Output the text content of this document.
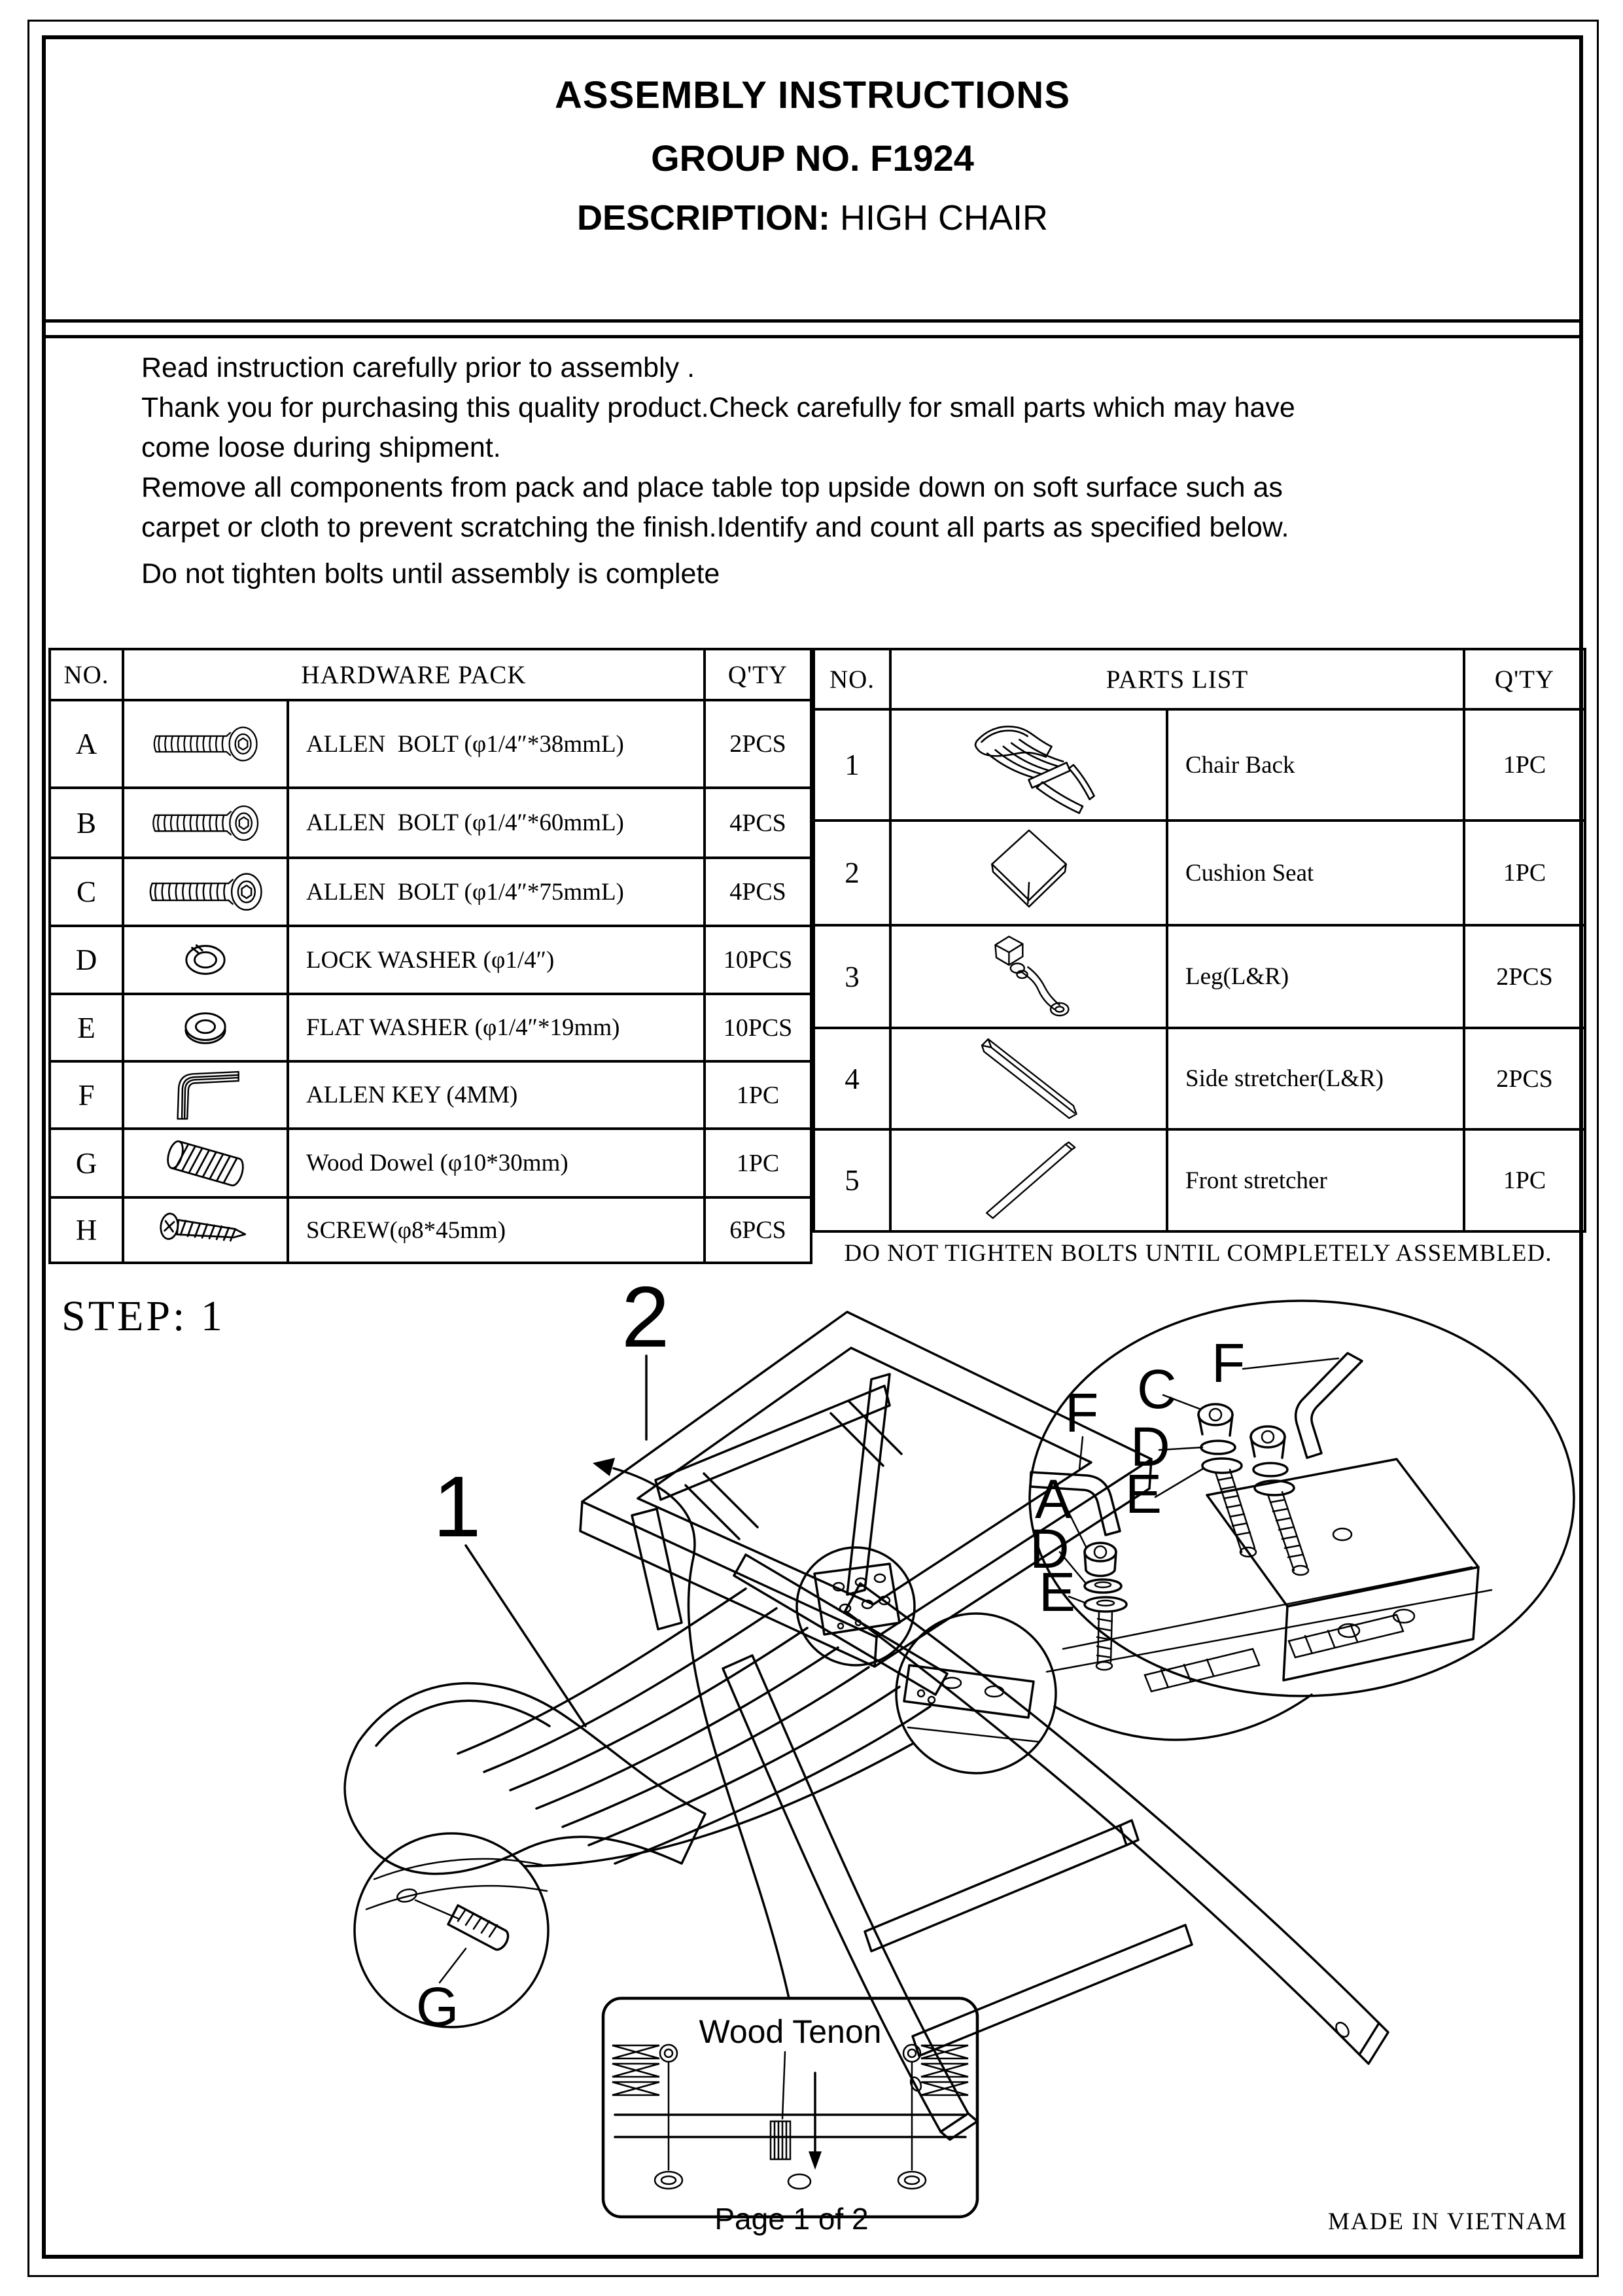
ASSEMBLY INSTRUCTIONS
GROUP NO. F1924
DESCRIPTION: HIGH CHAIR
Read instruction carefully prior to assembly .
Thank you for purchasing this quality product.Check carefully for small parts which may have
come loose during shipment.
Remove all components from pack and place table top upside down on soft surface such as
carpet or cloth to prevent scratching the finish.Identify and count all parts as specified below.
Do not tighten bolts until assembly is complete
NO.	HARDWARE PACK		Q'TY
A		ALLEN  BOLT (φ1/4″*38mmL)	2PCS
B		ALLEN  BOLT (φ1/4″*60mmL)	4PCS
C		ALLEN  BOLT (φ1/4″*75mmL)	4PCS
D		LOCK WASHER (φ1/4″)	10PCS
E		FLAT WASHER (φ1/4″*19mm)	10PCS
F		ALLEN KEY (4MM)	1PC
G		Wood Dowel (φ10*30mm)	1PC
H		SCREW(φ8*45mm)	6PCS
NO.	PARTS LIST		Q'TY
1		Chair Back	1PC
2		Cushion Seat	1PC
3		Leg(L&R)	2PCS
4		Side stretcher(L&R)	2PCS
5		Front stretcher	1PC
DO NOT TIGHTEN BOLTS UNTIL COMPLETELY ASSEMBLED.
STEP: 1
F C F
D
E
A
D
E
G	Wood Tenon
1
2
Page 1 of 2	MADE IN VIETNAM
